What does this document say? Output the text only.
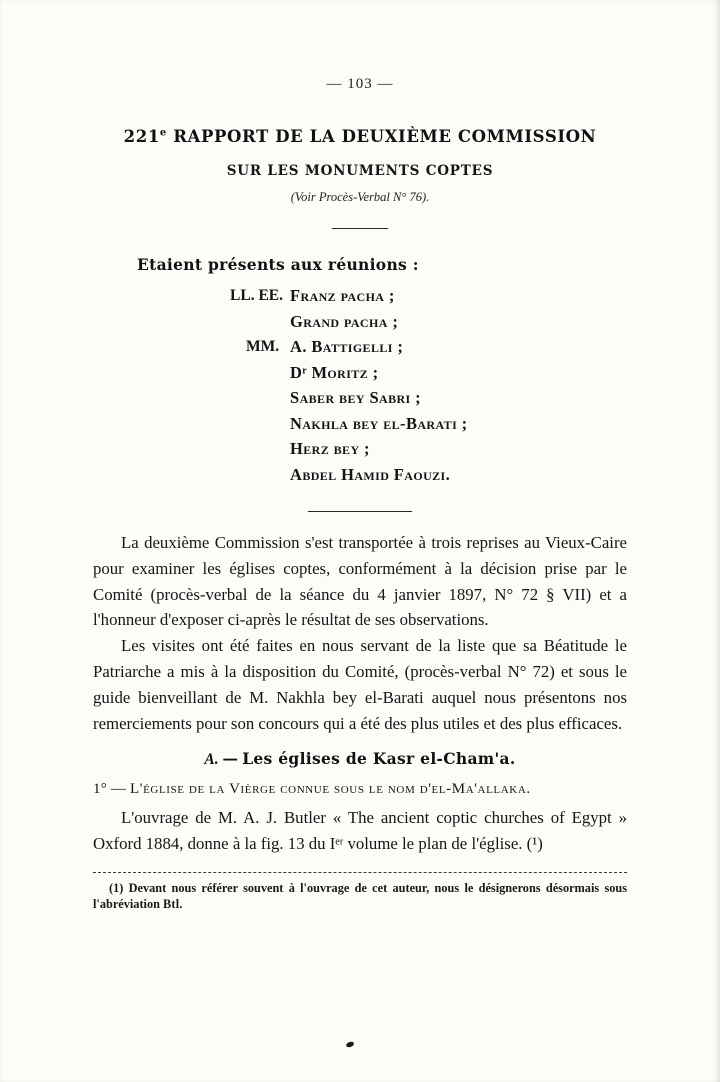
— 103 —
221e RAPPORT DE LA DEUXIÈME COMMISSION
SUR LES MONUMENTS COPTES
(Voir Procès-Verbal N° 76).
Etaient présents aux réunions :
LL. EE. Franz pacha ;
Grand pacha ;
MM. A. Battigelli ;
Dʳ Moritz ;
Saber bey Sabri ;
Nakhla bey el-Barati ;
Herz bey ;
Abdel Hamid Faouzi.

La deuxième Commission s'est transportée à trois reprises au Vieux-Caire pour examiner les églises coptes, conformément à la décision prise par le Comité (procès-verbal de la séance du 4 janvier 1897, N° 72 § VII) et a l'honneur d'exposer ci-après le résultat de ses observations.

Les visites ont été faites en nous servant de la liste que sa Béatitude le Patriarche a mis à la disposition du Comité, (procès-verbal N° 72) et sous le guide bienveillant de M. Nakhla bey el-Barati auquel nous présentons nos remerciements pour son concours qui a été des plus utiles et des plus efficaces.

A. — Les églises de Kasr el-Cham'a.
1° — L'église de la Vièrge connue sous le nom d'el-Ma'allaka.

L'ouvrage de M. A. J. Butler « The ancient coptic churches of Egypt » Oxford 1884, donne à la fig. 13 du Iᵉʳ volume le plan de l'église. (¹)

(1) Devant nous référer souvent à l'ouvrage de cet auteur, nous le désignerons désormais sous l'abréviation Btl.
